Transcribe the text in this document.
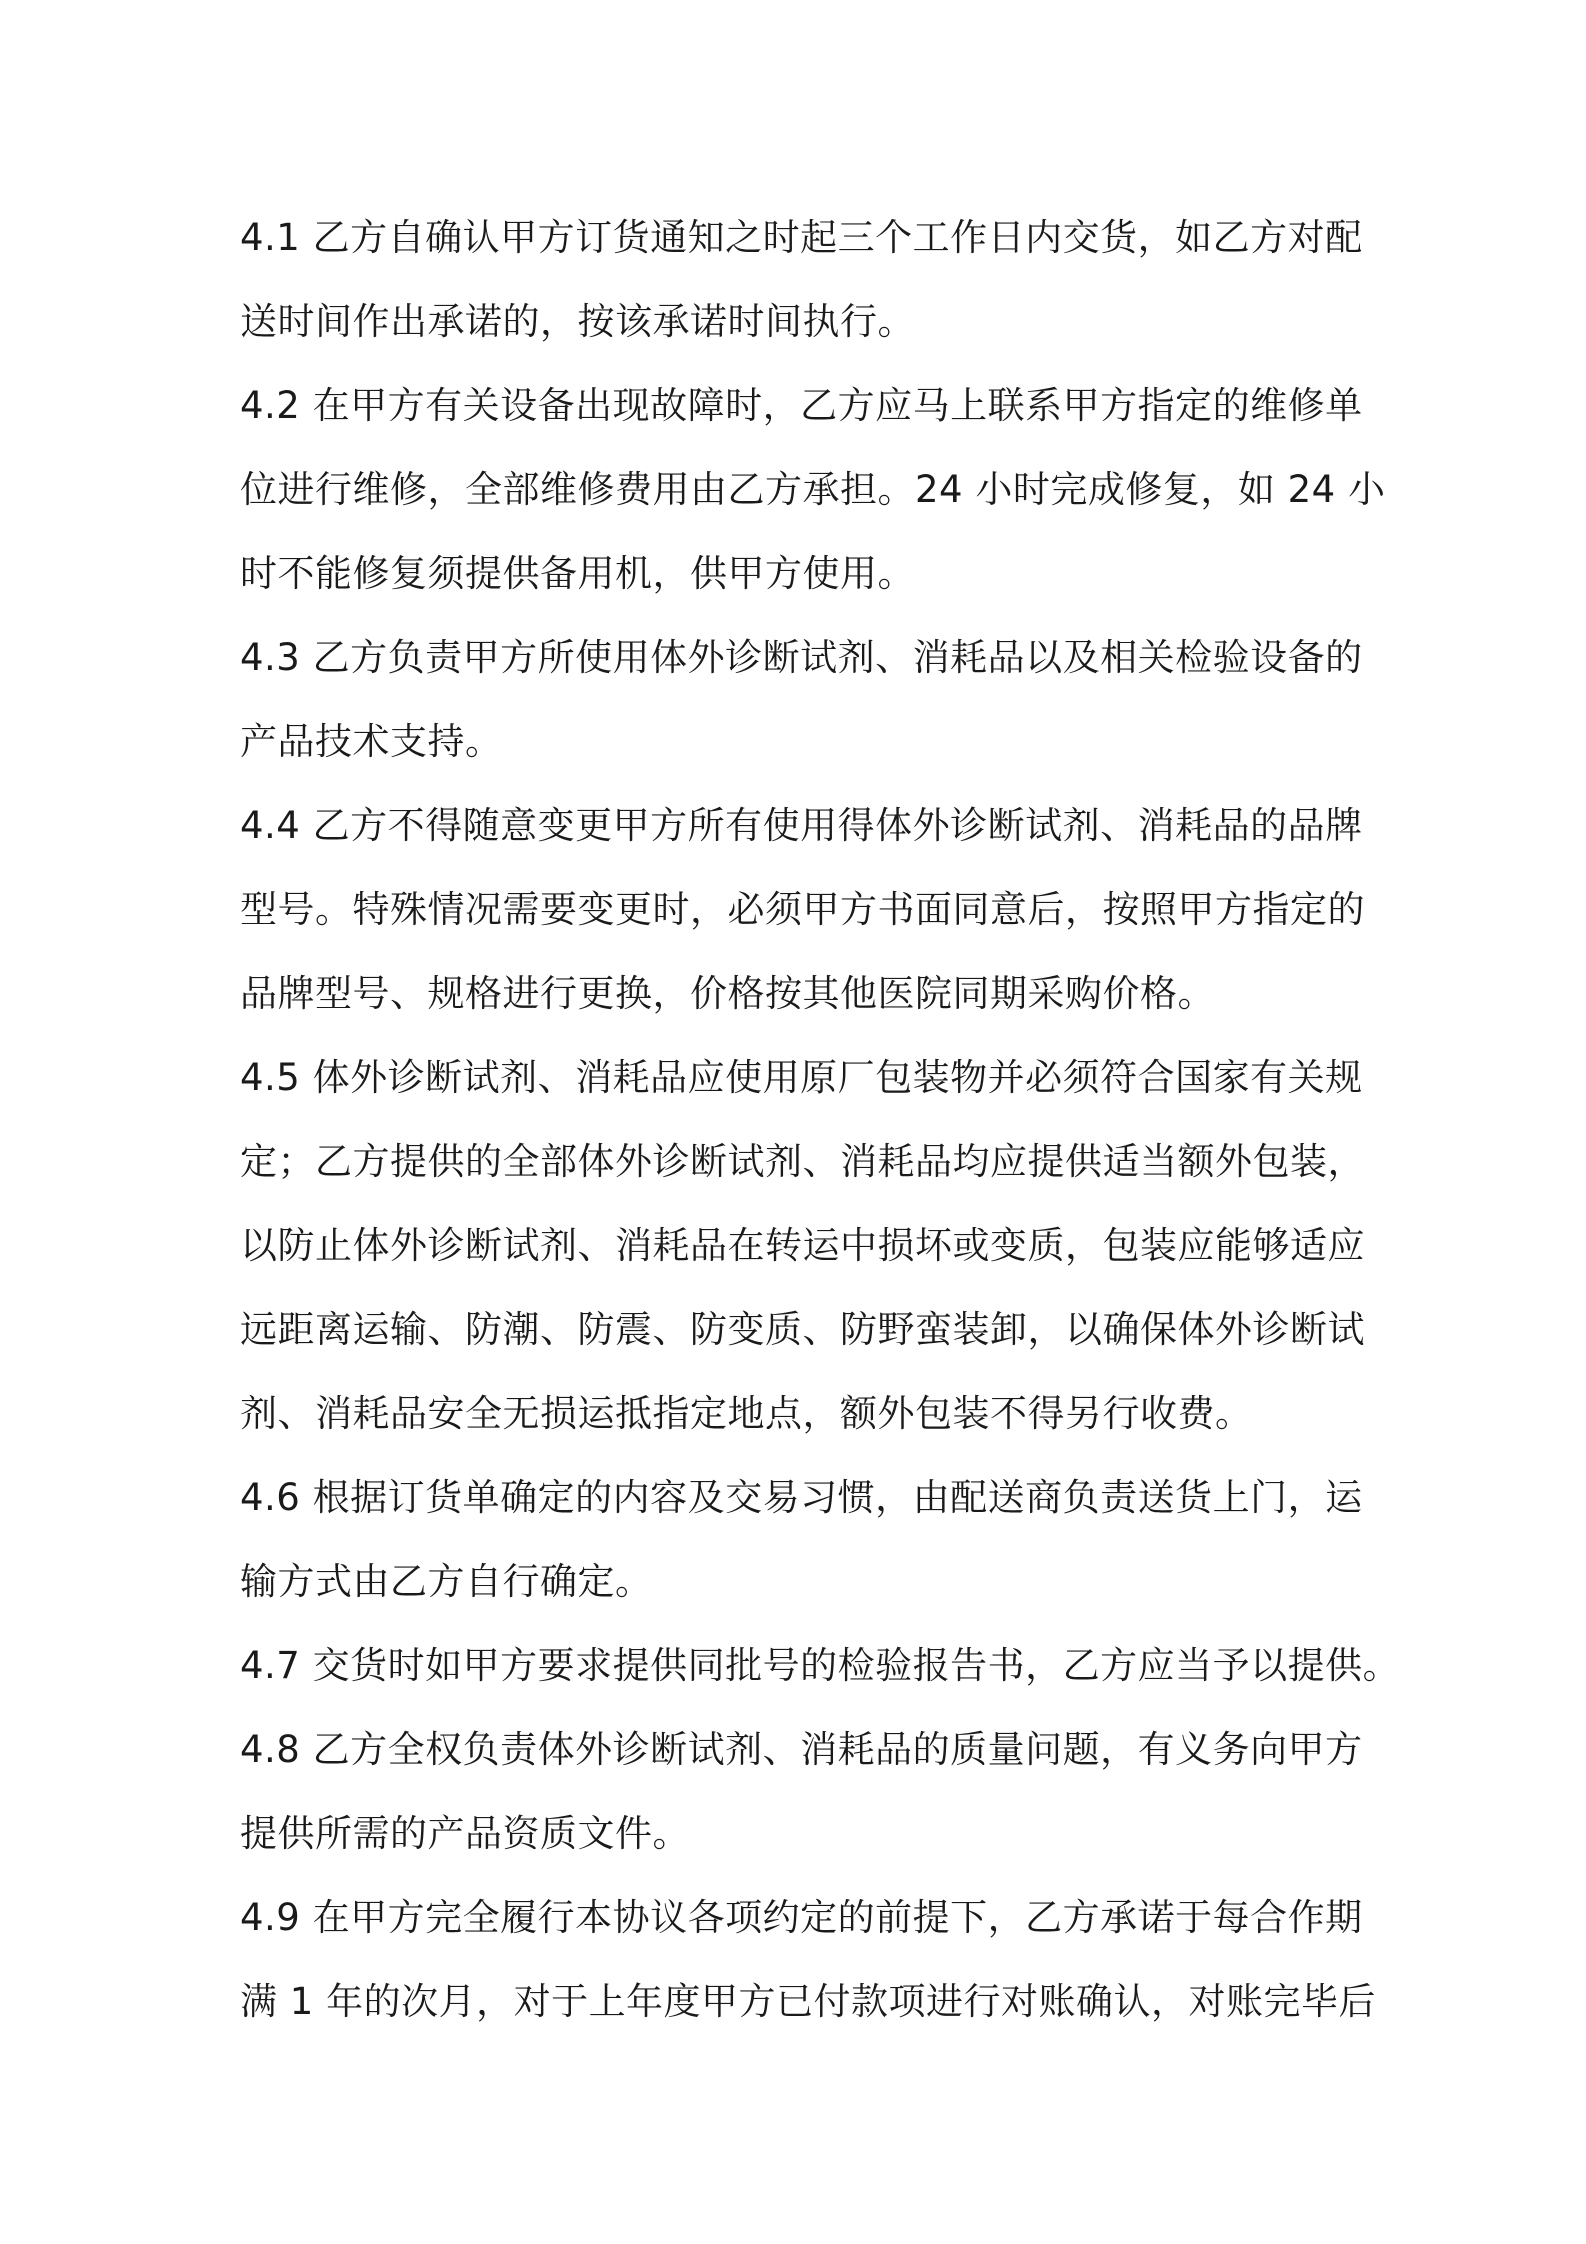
4.1 乙方自确认甲方订货通知之时起三个工作日内交货，如乙方对配
送时间作出承诺的，按该承诺时间执行。
4.2 在甲方有关设备出现故障时，乙方应马上联系甲方指定的维修单
位进行维修，全部维修费用由乙方承担。24 小时完成修复，如 24 小
时不能修复须提供备用机，供甲方使用。
4.3 乙方负责甲方所使用体外诊断试剂、消耗品以及相关检验设备的
产品技术支持。
4.4 乙方不得随意变更甲方所有使用得体外诊断试剂、消耗品的品牌
型号。特殊情况需要变更时，必须甲方书面同意后，按照甲方指定的
品牌型号、规格进行更换，价格按其他医院同期采购价格。
4.5 体外诊断试剂、消耗品应使用原厂包装物并必须符合国家有关规
定；乙方提供的全部体外诊断试剂、消耗品均应提供适当额外包装，
以防止体外诊断试剂、消耗品在转运中损坏或变质，包装应能够适应
远距离运输、防潮、防震、防变质、防野蛮装卸，以确保体外诊断试
剂、消耗品安全无损运抵指定地点，额外包装不得另行收费。
4.6 根据订货单确定的内容及交易习惯，由配送商负责送货上门，运
输方式由乙方自行确定。
4.7 交货时如甲方要求提供同批号的检验报告书，乙方应当予以提供。
4.8 乙方全权负责体外诊断试剂、消耗品的质量问题，有义务向甲方
提供所需的产品资质文件。
4.9 在甲方完全履行本协议各项约定的前提下，乙方承诺于每合作期
满 1 年的次月，对于上年度甲方已付款项进行对账确认，对账完毕后
